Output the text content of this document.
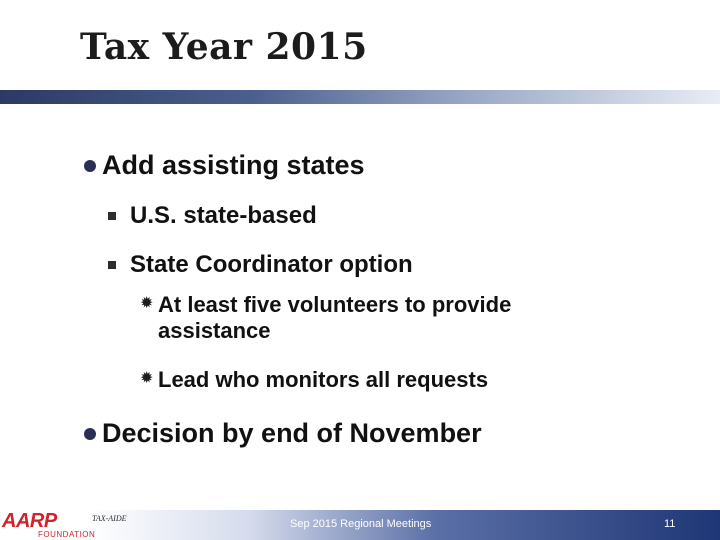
Tax Year 2015
Add assisting states
U.S. state-based
State Coordinator option
✹ At least five volunteers to provide
assistance
✹ Lead who monitors all requests
Decision by end of November
AARP
FOUNDATION
TAX-AIDE	Sep 2015 Regional Meetings	11
